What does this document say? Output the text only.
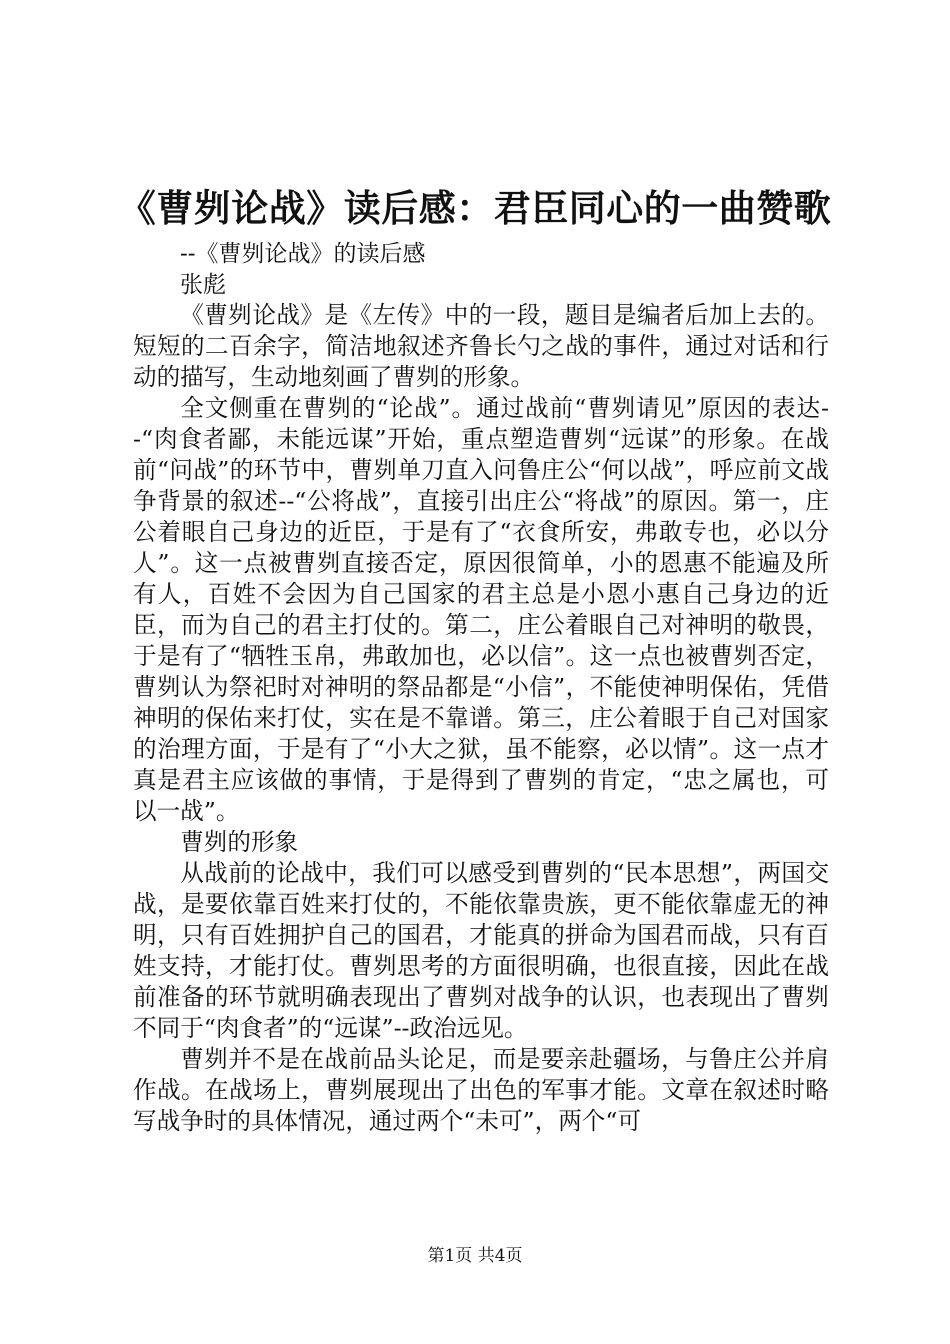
《曹刿论战》读后感：君臣同心的一曲赞歌
--《曹刿论战》的读后感
张彪

《曹刿论战》是《左传》中的一段，题目是编者后加上去的。短短的二百余字，简洁地叙述齐鲁长勺之战的事件，通过对话和行动的描写，生动地刻画了曹刿的形象。

全文侧重在曹刿的“论战”。通过战前“曹刿请见”原因的表达--“肉食者鄙，未能远谋”开始，重点塑造曹刿“远谋”的形象。在战前“问战”的环节中，曹刿单刀直入问鲁庄公“何以战”，呼应前文战争背景的叙述--“公将战”，直接引出庄公“将战”的原因。第一，庄公着眼自己身边的近臣，于是有了“衣食所安，弗敢专也，必以分人”。这一点被曹刿直接否定，原因很简单，小的恩惠不能遍及所有人，百姓不会因为自己国家的君主总是小恩小惠自己身边的近臣，而为自己的君主打仗的。第二，庄公着眼自己对神明的敬畏，于是有了“牺牲玉帛，弗敢加也，必以信”。这一点也被曹刿否定，曹刿认为祭祀时对神明的祭品都是“小信”，不能使神明保佑，凭借神明的保佑来打仗，实在是不靠谱。第三，庄公着眼于自己对国家的治理方面，于是有了“小大之狱，虽不能察，必以情”。这一点才真是君主应该做的事情，于是得到了曹刿的肯定，“忠之属也，可以一战”。

曹刿的形象

从战前的论战中，我们可以感受到曹刿的“民本思想”，两国交战，是要依靠百姓来打仗的，不能依靠贵族，更不能依靠虚无的神明，只有百姓拥护自己的国君，才能真的拼命为国君而战，只有百姓支持，才能打仗。曹刿思考的方面很明确，也很直接，因此在战前准备的环节就明确表现出了曹刿对战争的认识，也表现出了曹刿不同于“肉食者”的“远谋”--政治远见。

曹刿并不是在战前品头论足，而是要亲赴疆场，与鲁庄公并肩作战。在战场上，曹刿展现出了出色的军事才能。文章在叙述时略写战争时的具体情况，通过两个“未可”，两个“可

第1页 共4页
